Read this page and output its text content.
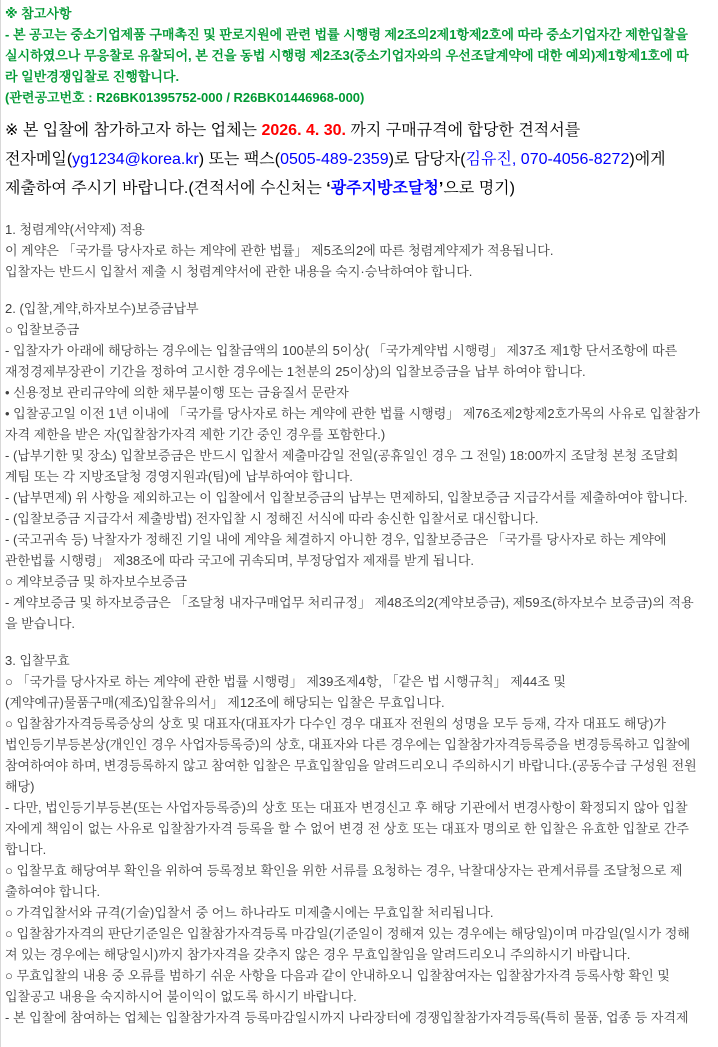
※ 참고사항
- 본 공고는 중소기업제품 구매촉진 및 판로지원에 관련 법률 시행령 제2조의2제1항제2호에 따라 중소기업자간 제한입찰을
실시하였으나 무응찰로 유찰되어, 본 건을 동법 시행령 제2조3(중소기업자와의 우선조달계약에 대한 예외)제1항제1호에 따
라 일반경쟁입찰로 진행합니다.
(관련공고번호 : R26BK01395752-000 / R26BK01446968-000)
※ 본 입찰에 참가하고자 하는 업체는 2026. 4. 30. 까지 구매규격에 합당한 견적서를
전자메일(yg1234@korea.kr) 또는 팩스(0505-489-2359)로 담당자(김유진, 070-4056-8272)에게
제출하여 주시기 바랍니다.(견적서에 수신처는 ‘광주지방조달청’으로 명기)
1. 청렴계약(서약제) 적용
이 계약은 「국가를 당사자로 하는 계약에 관한 법률」 제5조의2에 따른 청렴계약제가 적용됩니다.
입찰자는 반드시 입찰서 제출 시 청렴계약서에 관한 내용을 숙지·승낙하여야 합니다.
2. (입찰,계약,하자보수)보증금납부
○ 입찰보증금
- 입찰자가 아래에 해당하는 경우에는 입찰금액의 100분의 5이상( 「국가계약법 시행령」 제37조 제1항 단서조항에 따른
재정경제부장관이 기간을 정하여 고시한 경우에는 1천분의 25이상)의 입찰보증금을 납부 하여야 합니다.
• 신용정보 관리규약에 의한 채무불이행 또는 금융질서 문란자
• 입찰공고일 이전 1년 이내에 「국가를 당사자로 하는 계약에 관한 법률 시행령」 제76조제2항제2호가목의 사유로 입찰참가
자격 제한을 받은 자(입찰참가자격 제한 기간 중인 경우를 포함한다.)
- (납부기한 및 장소) 입찰보증금은 반드시 입찰서 제출마감일 전일(공휴일인 경우 그 전일) 18:00까지 조달청 본청 조달회
계팀 또는 각 지방조달청 경영지원과(팀)에 납부하여야 합니다.
- (납부면제) 위 사항을 제외하고는 이 입찰에서 입찰보증금의 납부는 면제하되, 입찰보증금 지급각서를 제출하여야 합니다.
- (입찰보증금 지급각서 제출방법) 전자입찰 시 정해진 서식에 따라 송신한 입찰서로 대신합니다.
- (국고귀속 등) 낙찰자가 정해진 기일 내에 계약을 체결하지 아니한 경우, 입찰보증금은 「국가를 당사자로 하는 계약에
관한법률 시행령」 제38조에 따라 국고에 귀속되며, 부정당업자 제재를 받게 됩니다.
○ 계약보증금 및 하자보수보증금
- 계약보증금 및 하자보증금은 「조달청 내자구매업무 처리규정」 제48조의2(계약보증금), 제59조(하자보수 보증금)의 적용
을 받습니다.
3. 입찰무효
○ 「국가를 당사자로 하는 계약에 관한 법률 시행령」 제39조제4항, 「같은 법 시행규칙」 제44조 및
(계약예규)물품구매(제조)입찰유의서」 제12조에 해당되는 입찰은 무효입니다.
○ 입찰참가자격등록증상의 상호 및 대표자(대표자가 다수인 경우 대표자 전원의 성명을 모두 등재, 각자 대표도 해당)가
법인등기부등본상(개인인 경우 사업자등록증)의 상호, 대표자와 다른 경우에는 입찰참가자격등록증을 변경등록하고 입찰에
참여하여야 하며, 변경등록하지 않고 참여한 입찰은 무효입찰임을 알려드리오니 주의하시기 바랍니다.(공동수급 구성원 전원
해당)
- 다만, 법인등기부등본(또는 사업자등록증)의 상호 또는 대표자 변경신고 후 해당 기관에서 변경사항이 확정되지 않아 입찰
자에게 책임이 없는 사유로 입찰참가자격 등록을 할 수 없어 변경 전 상호 또는 대표자 명의로 한 입찰은 유효한 입찰로 간주
합니다.
○ 입찰무효 해당여부 확인을 위하여 등록정보 확인을 위한 서류를 요청하는 경우, 낙찰대상자는 관계서류를 조달청으로 제
출하여야 합니다.
○ 가격입찰서와 규격(기술)입찰서 중 어느 하나라도 미제출시에는 무효입찰 처리됩니다.
○ 입찰참가자격의 판단기준일은 입찰참가자격등록 마감일(기준일이 정해져 있는 경우에는 해당일)이며 마감일(일시가 정해
져 있는 경우에는 해당일시)까지 참가자격을 갖추지 않은 경우 무효입찰임을 알려드리오니 주의하시기 바랍니다.
○ 무효입찰의 내용 중 오류를 범하기 쉬운 사항을 다음과 같이 안내하오니 입찰참여자는 입찰참가자격 등록사항 확인 및
입찰공고 내용을 숙지하시어 불이익이 없도록 하시기 바랍니다.
- 본 입찰에 참여하는 업체는 입찰참가자격 등록마감일시까지 나라장터에 경쟁입찰참가자격등록(특히 물품, 업종 등 자격제
